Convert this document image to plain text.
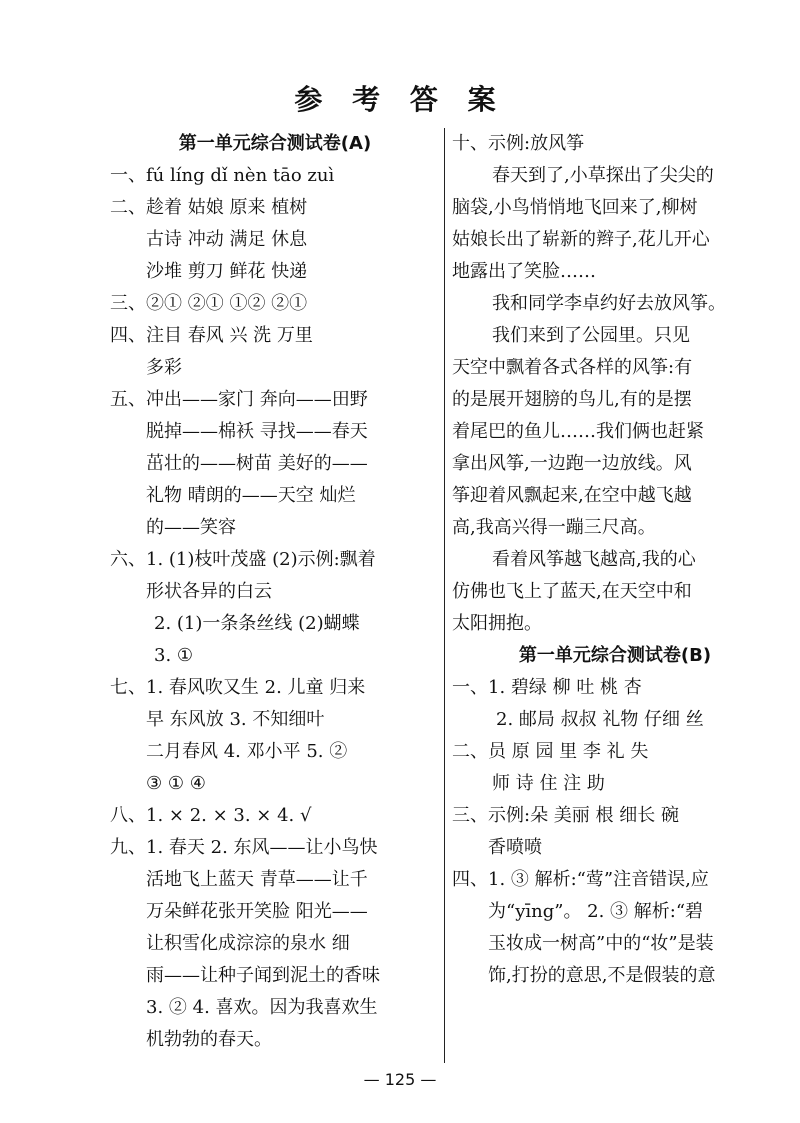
参 考 答 案
第一单元综合测试卷(A)
一、fú líng dǐ nèn tāo zuì
二、趁着 姑娘 原来 植树
古诗 冲动 满足 休息
沙堆 剪刀 鲜花 快递
三、②① ②① ①② ②①
四、注目 春风 兴 洗 万里
多彩
五、冲出——家门 奔向——田野
脱掉——棉袄 寻找——春天
茁壮的——树苗 美好的——
礼物 晴朗的——天空 灿烂
的——笑容
六、1. (1)枝叶茂盛 (2)示例:飘着
形状各异的白云
2. (1)一条条丝线 (2)蝴蝶
3. ①
七、1. 春风吹又生 2. 儿童 归来
早 东风放 3. 不知细叶
二月春风 4. 邓小平 5. ②
③ ① ④
八、1. × 2. × 3. × 4. √
九、1. 春天 2. 东风——让小鸟快
活地飞上蓝天 青草——让千
万朵鲜花张开笑脸 阳光——
让积雪化成淙淙的泉水 细
雨——让种子闻到泥土的香味
3. ② 4. 喜欢。因为我喜欢生
机勃勃的春天。
十、示例:放风筝
春天到了,小草探出了尖尖的
脑袋,小鸟悄悄地飞回来了,柳树
姑娘长出了崭新的辫子,花儿开心
地露出了笑脸……
我和同学李卓约好去放风筝。
我们来到了公园里。只见
天空中飘着各式各样的风筝:有
的是展开翅膀的鸟儿,有的是摆
着尾巴的鱼儿……我们俩也赶紧
拿出风筝,一边跑一边放线。风
筝迎着风飘起来,在空中越飞越
高,我高兴得一蹦三尺高。
看着风筝越飞越高,我的心
仿佛也飞上了蓝天,在天空中和
太阳拥抱。
第一单元综合测试卷(B)
一、1. 碧绿 柳 吐 桃 杏
2. 邮局 叔叔 礼物 仔细 丝
二、员 原 园 里 李 礼 失
师 诗 住 注 助
三、示例:朵 美丽 根 细长 碗
香喷喷
四、1. ③ 解析:“莺”注音错误,应
为“yīng”。 2. ③ 解析:“碧
玉妆成一树高”中的“妆”是装
饰,打扮的意思,不是假装的意
— 125 —
